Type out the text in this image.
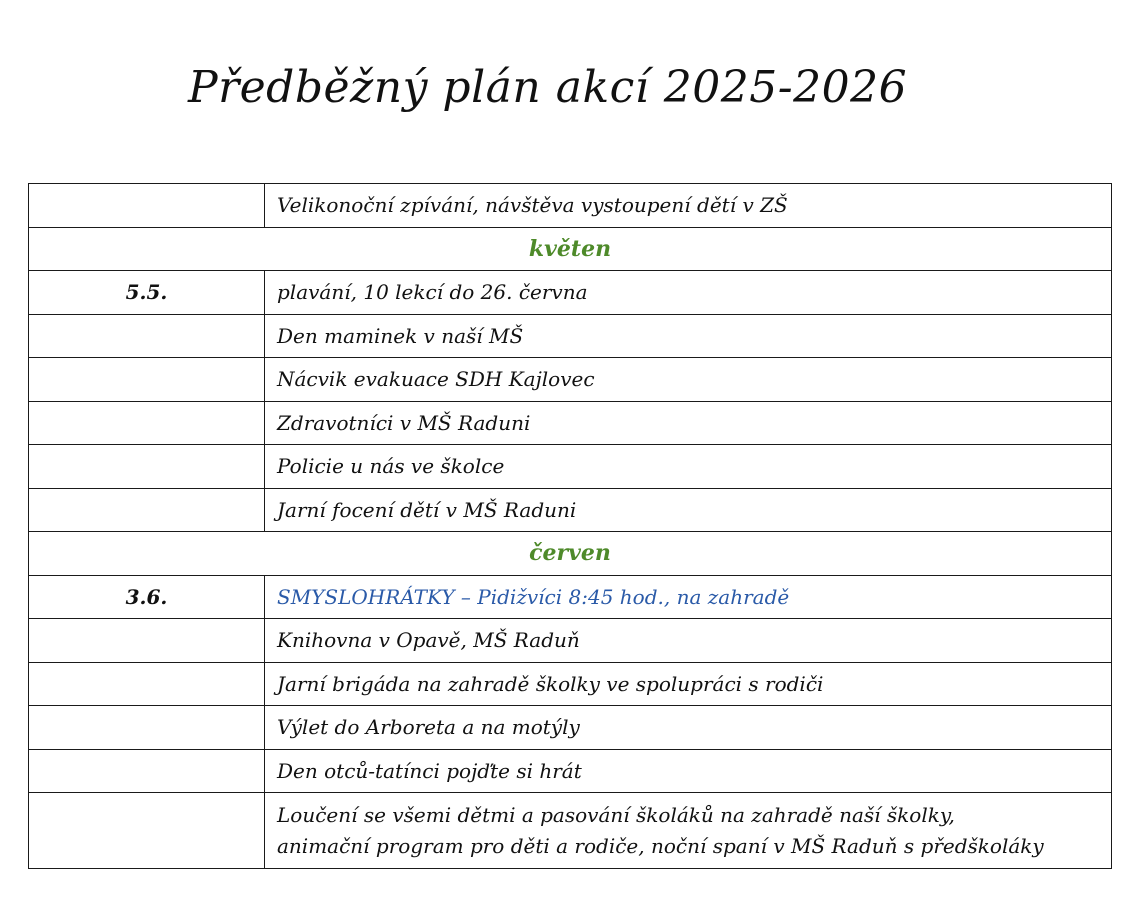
Předběžný plán akcí 2025-2026
	Velikonoční zpívání, návštěva vystoupení dětí v ZŠ
květen	
5.5.	plavání, 10 lekcí do 26. června
	Den maminek v naší MŠ
	Nácvik evakuace SDH Kajlovec
	Zdravotníci v MŠ Raduni
	Policie u nás ve školce
	Jarní focení dětí v MŠ Raduni
červen	
3.6.	SMYSLOHRÁTKY – Pidižvíci 8:45 hod., na zahradě
	Knihovna v Opavě, MŠ Raduň
	Jarní brigáda na zahradě školky ve spolupráci s rodiči
	Výlet do Arboreta a na motýly
	Den otců-tatínci pojďte si hrát

	Loučení se všemi dětmi a pasování školáků na zahradě naší školky,
animační program pro děti a rodiče, noční spaní v MŠ Raduň s předškoláky
